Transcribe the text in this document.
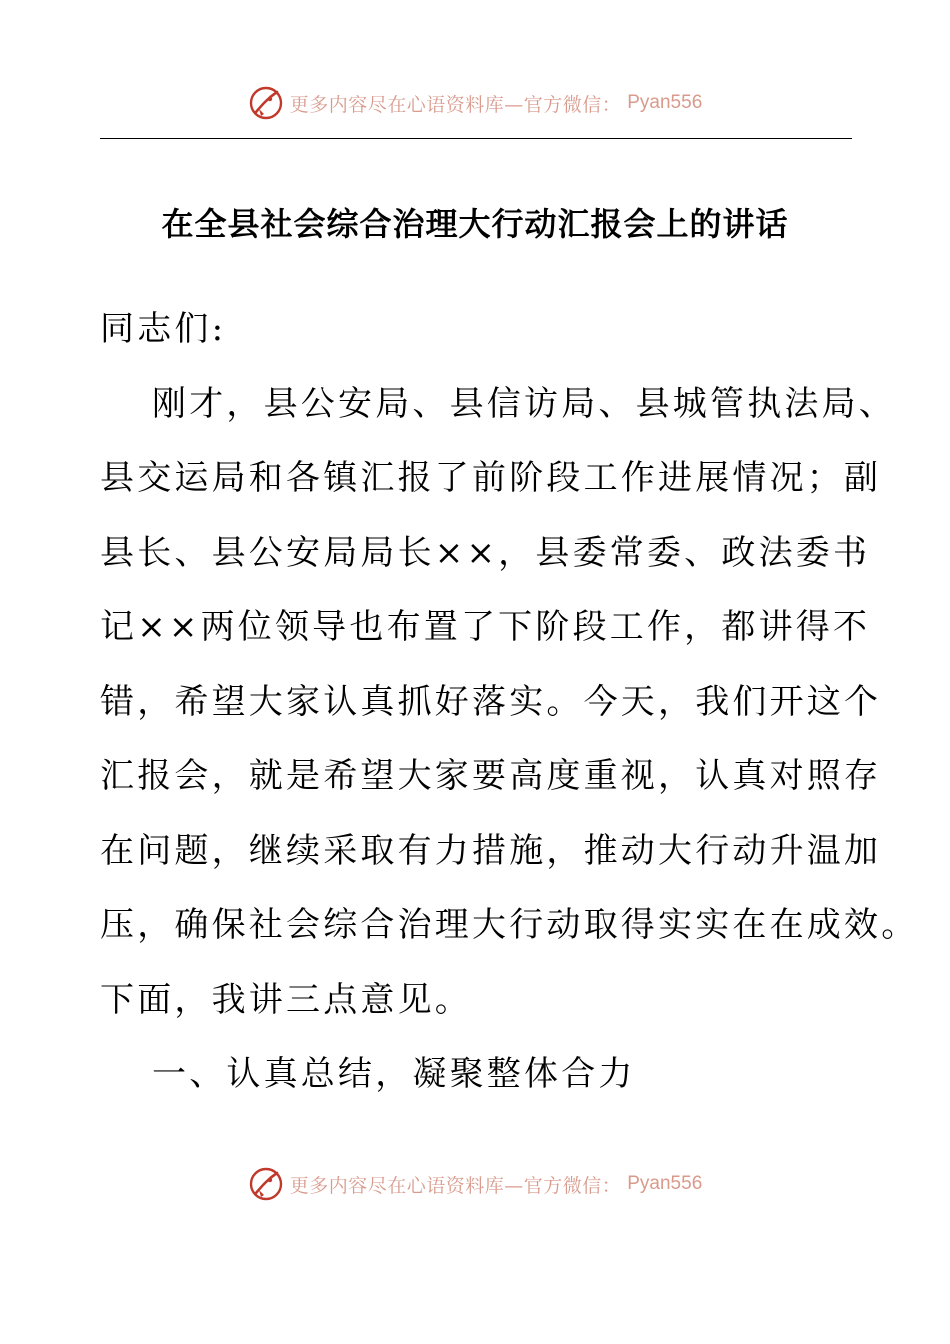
更多内容尽在心语资料库—官方微信： Pyan556
在全县社会综合治理大行动汇报会上的讲话
同志们:
刚才，县公安局、县信访局、县城管执法局、
县交运局和各镇汇报了前阶段工作进展情况；副
县长、县公安局局长××，县委常委、政法委书
记××两位领导也布置了下阶段工作，都讲得不
错，希望大家认真抓好落实。今天，我们开这个
汇报会，就是希望大家要高度重视，认真对照存
在问题，继续采取有力措施，推动大行动升温加
压，确保社会综合治理大行动取得实实在在成效。
下面，我讲三点意见。
一、认真总结，凝聚整体合力
更多内容尽在心语资料库—官方微信： Pyan556
